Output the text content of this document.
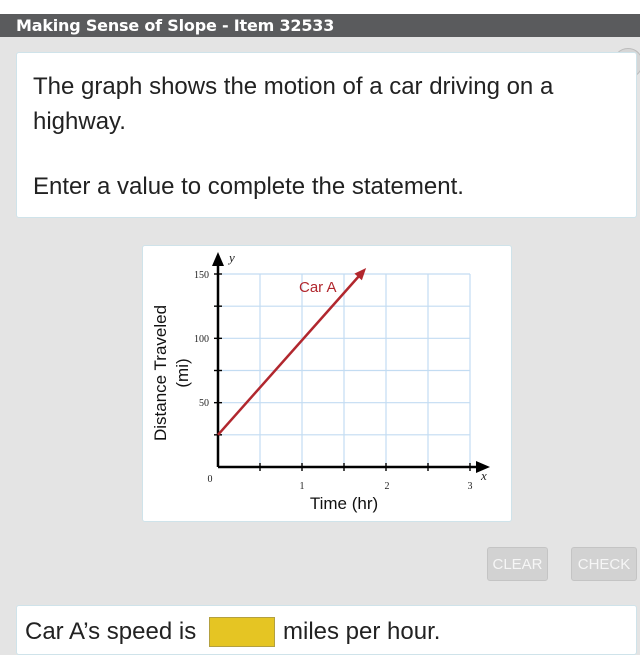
Making Sense of Slope - Item 32533

The graph shows the motion of a car driving on a highway.

Enter a value to complete the statement.

y
x
Car A
0
1	2	3
150
100
50
Time (hr)
Distance Traveled (mi)
CLEAR	CHECK
Car A’s speed is	miles per hour.
